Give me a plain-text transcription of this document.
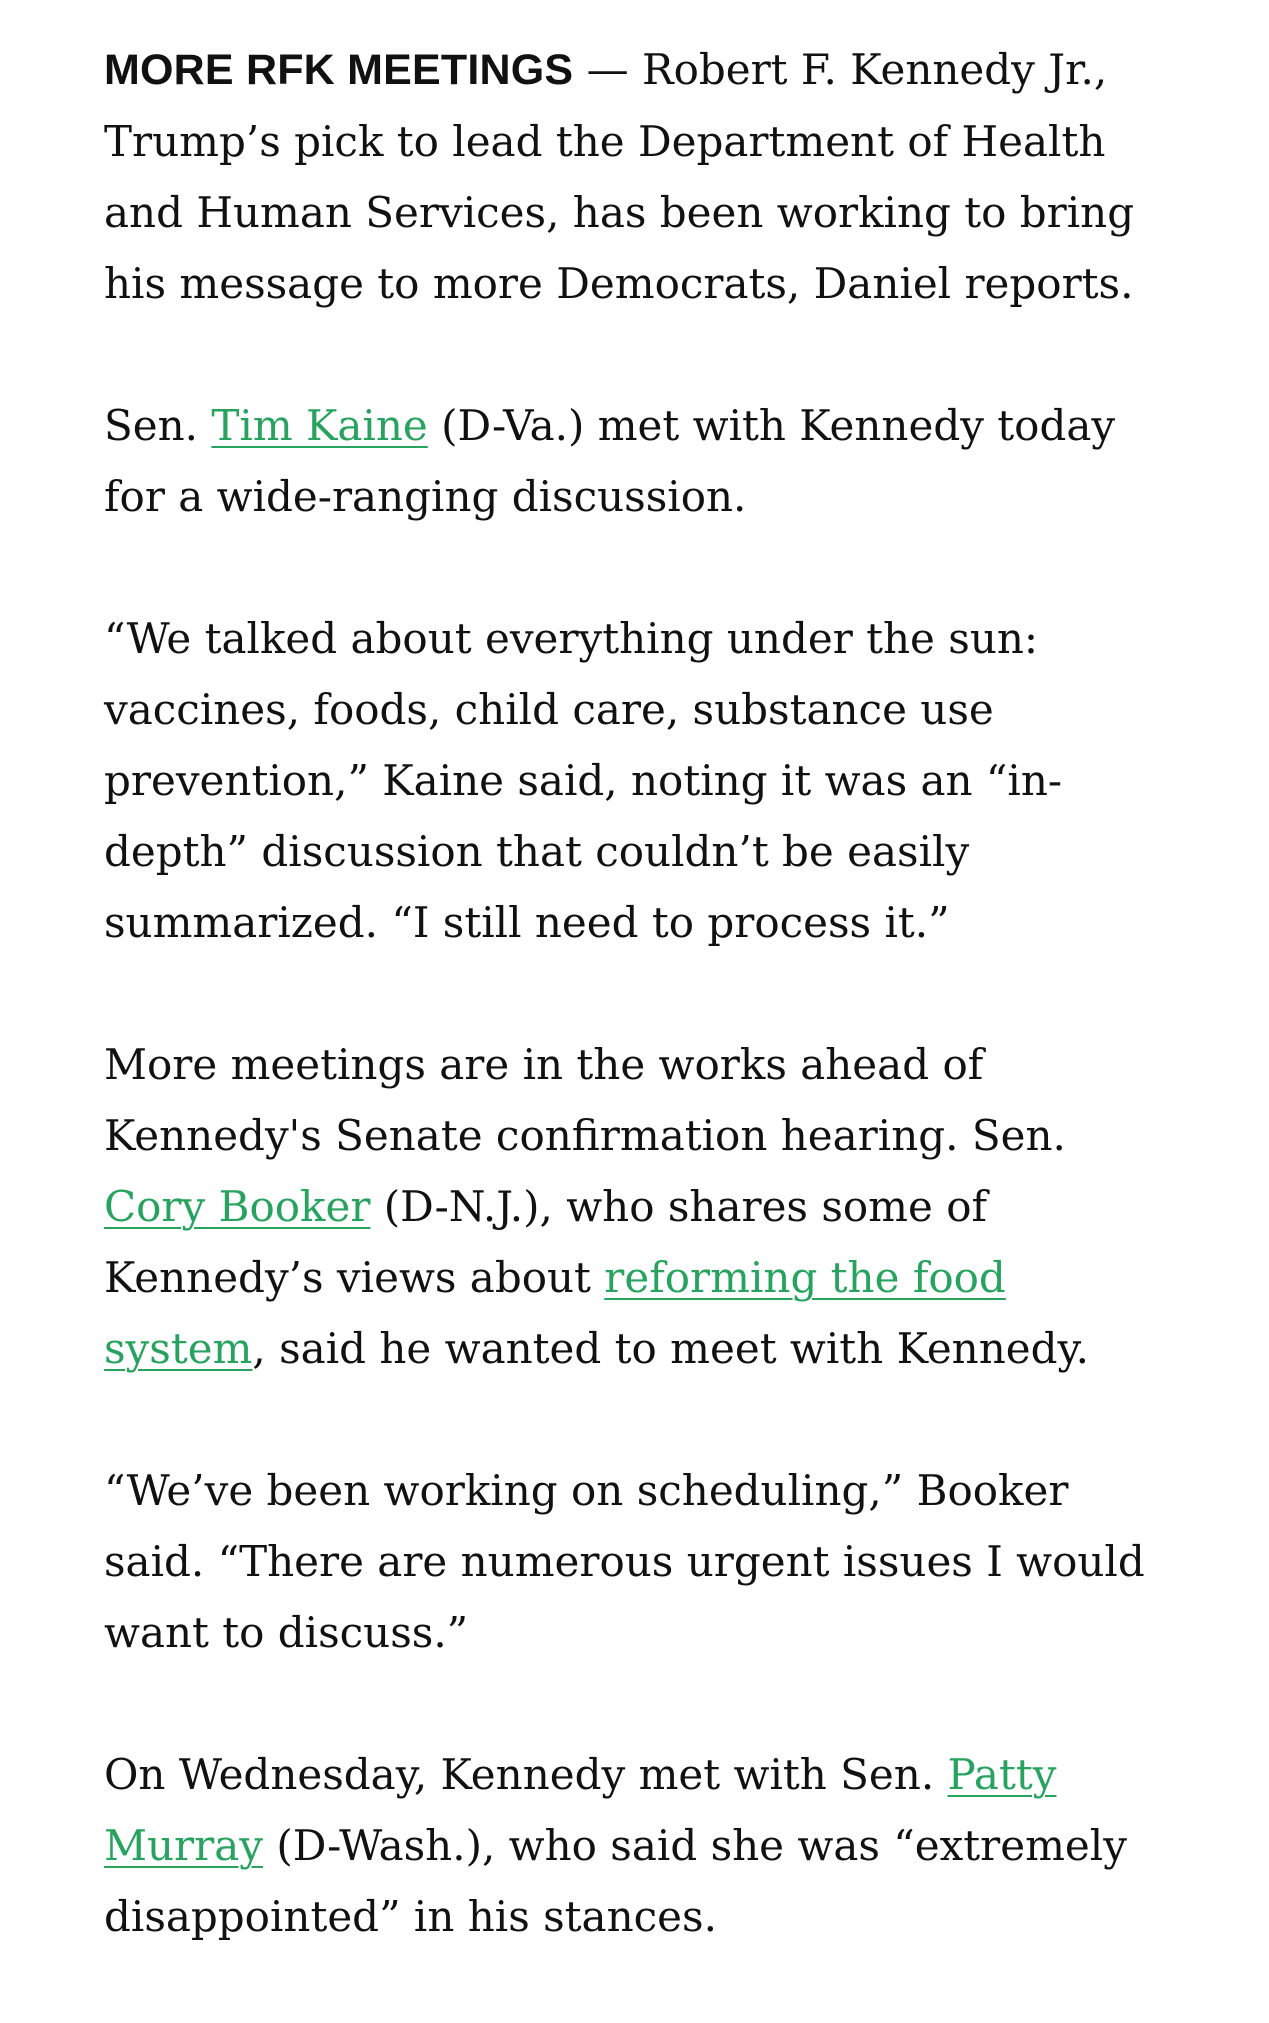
MORE RFK MEETINGS — Robert F. Kennedy Jr., Trump’s pick to lead the Department of Health and Human Services, has been working to bring his message to more Democrats, Daniel reports.

Sen. Tim Kaine (D-Va.) met with Kennedy today for a wide-ranging discussion.

“We talked about everything under the sun: vaccines, foods, child care, substance use prevention,” Kaine said, noting it was an “in-depth” discussion that couldn’t be easily summarized. “I still need to process it.”

More meetings are in the works ahead of Kennedy's Senate confirmation hearing. Sen. Cory Booker (D-N.J.), who shares some of Kennedy’s views about reforming the food system, said he wanted to meet with Kennedy.

“We’ve been working on scheduling,” Booker said. “There are numerous urgent issues I would want to discuss.”

On Wednesday, Kennedy met with Sen. Patty Murray (D-Wash.), who said she was “extremely disappointed” in his stances.
